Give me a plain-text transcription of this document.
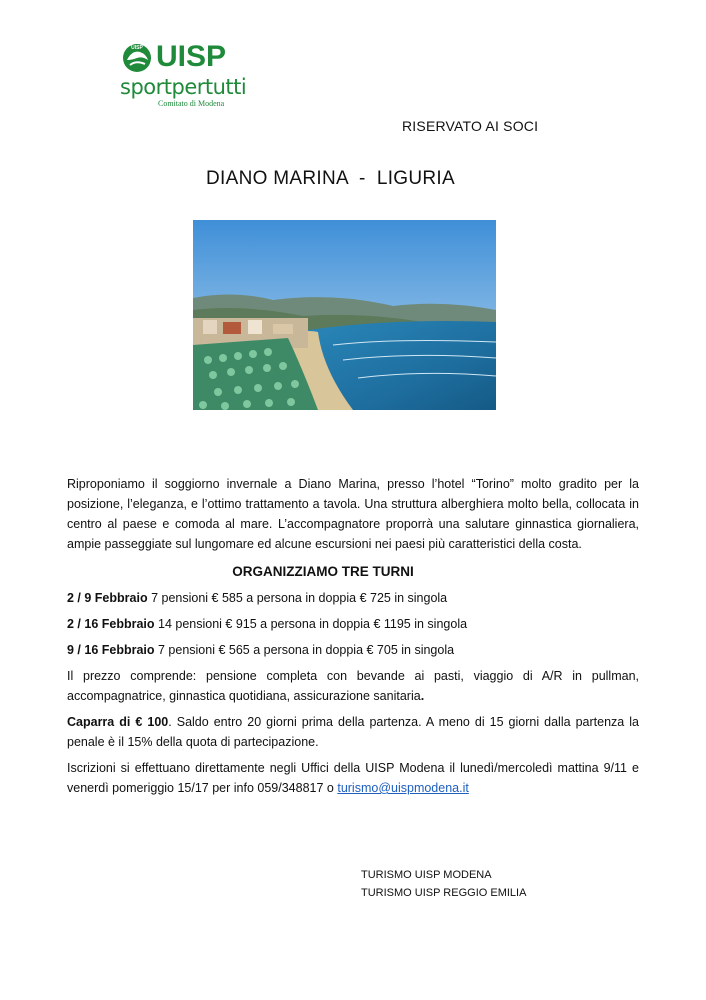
UISP UISP
sportpertutti
Comitato di Modena
RISERVATO AI SOCI
DIANO MARINA  -  LIGURIA

Riproponiamo il soggiorno invernale a Diano Marina, presso l’hotel “Torino” molto gradito per la posizione, l’eleganza, e l’ottimo trattamento a tavola. Una struttura alberghiera molto bella, collocata in centro al paese e comoda al mare. L’accompagnatore proporrà una salutare ginnastica giornaliera, ampie passeggiate sul lungomare ed alcune escursioni nei paesi più caratteristici della costa.

ORGANIZZIAMO TRE TURNI
2 / 9 Febbraio 7 pensioni € 585 a persona in doppia € 725 in singola
2 / 16 Febbraio 14 pensioni € 915 a persona in doppia € 1195 in singola
9 / 16 Febbraio 7 pensioni € 565 a persona in doppia € 705 in singola

Il prezzo comprende: pensione completa con bevande ai pasti, viaggio di A/R in pullman, accompagnatrice, ginnastica quotidiana, assicurazione sanitaria.

Caparra di € 100. Saldo entro 20 giorni prima della partenza. A meno di 15 giorni dalla partenza la penale è il 15% della quota di partecipazione.

Iscrizioni si effettuano direttamente negli Uffici della UISP Modena il lunedì/mercoledì mattina 9/11 e venerdì pomeriggio 15/17 per info 059/348817 o turismo@uispmodena.it

TURISMO UISP MODENA
TURISMO UISP REGGIO EMILIA
